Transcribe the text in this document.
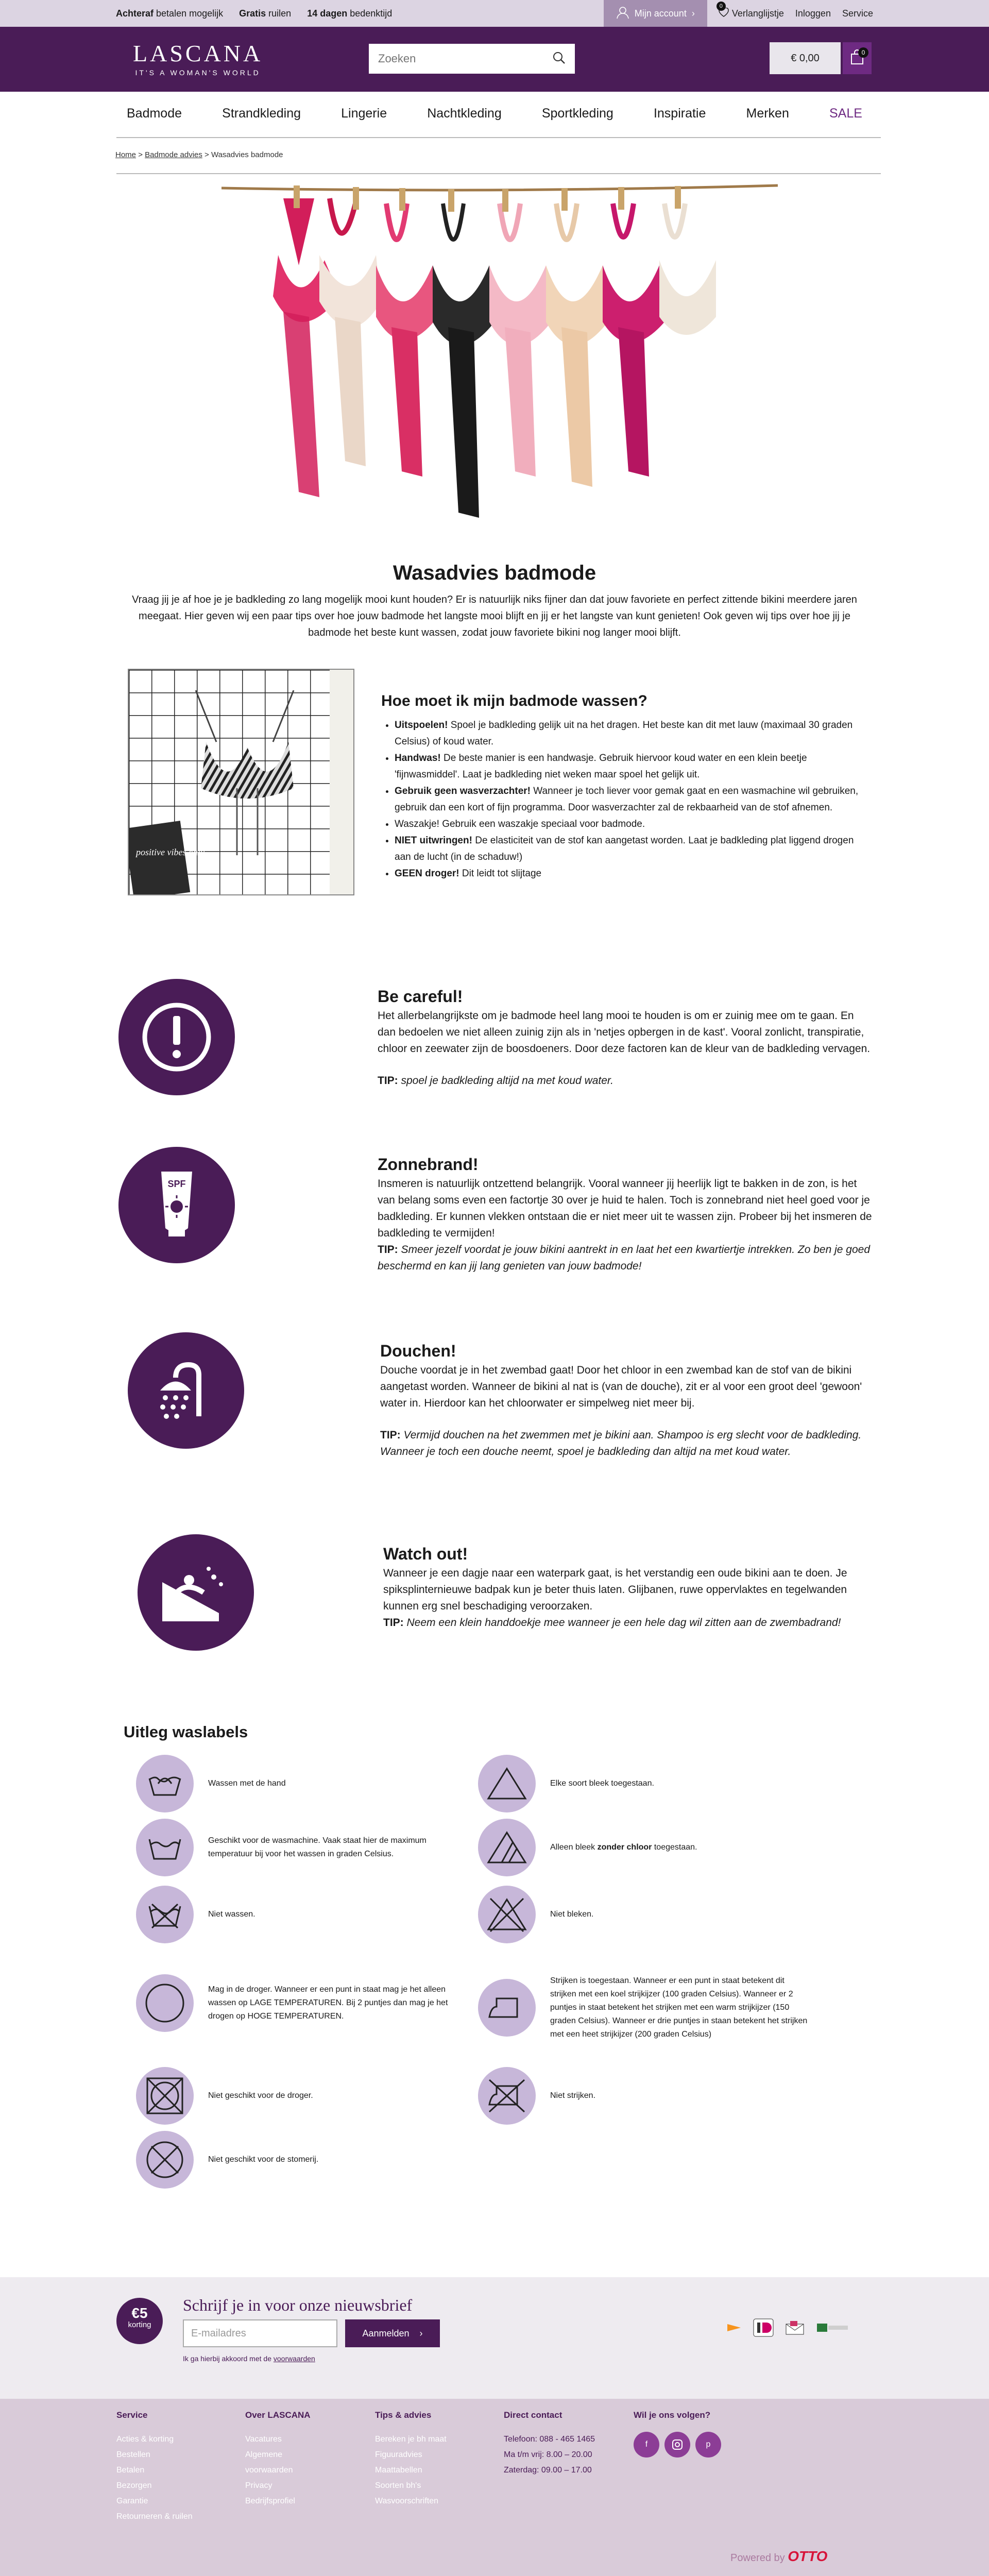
Achteraf betalen mogelijk Gratis ruilen 14 dagen bedenktijd	Mijn account ›
0
Verlanglijstje Inloggen Service
LASCANA
IT'S A WOMAN'S WORLD
Zoeken
€ 0,00	0
Badmode	Strandkleding	Lingerie	Nachtkleding	Sportkleding	Inspiratie	Merken	SALE
Home > Badmode advies > Wasadvies badmode
Wasadvies badmode

Vraag jij je af hoe je je badkleding zo lang mogelijk mooi kunt houden? Er is natuurlijk niks fijner dan dat jouw favoriete en perfect zittende bikini meerdere jaren meegaat. Hier geven wij een paar tips over hoe jouw badmode het langste mooi blijft en jij er het langste van kunt genieten! Ook geven wij tips over hoe jij je badmode het beste kunt wassen, zodat jouw favoriete bikini nog langer mooi blijft.

positive vibes only
Hoe moet ik mijn badmode wassen?
• Uitspoelen! Spoel je badkleding gelijk uit na het dragen. Het beste kan dit met lauw (maximaal 30 graden Celsius) of koud water.
• Handwas! De beste manier is een handwasje. Gebruik hiervoor koud water en een klein beetje 'fijnwasmiddel'. Laat je badkleding niet weken maar spoel het gelijk uit.
• Gebruik geen wasverzachter! Wanneer je toch liever voor gemak gaat en een wasmachine wil gebruiken, gebruik dan een kort of fijn programma. Door wasverzachter zal de rekbaarheid van de stof afnemen.
• Waszakje! Gebruik een waszakje speciaal voor badmode.
• NIET uitwringen! De elasticiteit van de stof kan aangetast worden. Laat je badkleding plat liggend drogen aan de lucht (in de schaduw!)
• GEEN droger! Dit leidt tot slijtage
Be careful!

Het allerbelangrijkste om je badmode heel lang mooi te houden is om er zuinig mee om te gaan. En dan bedoelen we niet alleen zuinig zijn als in 'netjes opbergen in de kast'. Vooral zonlicht, transpiratie, chloor en zeewater zijn de boosdoeners. Door deze factoren kan de kleur van de badkleding vervagen.

TIP: spoel je badkleding altijd na met koud water.

SPF
Zonnebrand!

Insmeren is natuurlijk ontzettend belangrijk. Vooral wanneer jij heerlijk ligt te bakken in de zon, is het van belang soms even een factortje 30 over je huid te halen. Toch is zonnebrand niet heel goed voor je badkleding. Er kunnen vlekken ontstaan die er niet meer uit te wassen zijn. Probeer bij het insmeren de badkleding te vermijden!

TIP: Smeer jezelf voordat je jouw bikini aantrekt in en laat het een kwartiertje intrekken. Zo ben je goed beschermd en kan jij lang genieten van jouw badmode!

Douchen!

Douche voordat je in het zwembad gaat! Door het chloor in een zwembad kan de stof van de bikini aangetast worden. Wanneer de bikini al nat is (van de douche), zit er al voor een groot deel 'gewoon' water in. Hierdoor kan het chloorwater er simpelweg niet meer bij.

TIP: Vermijd douchen na het zwemmen met je bikini aan. Shampoo is erg slecht voor de badkleding. Wanneer je toch een douche neemt, spoel je badkleding dan altijd na met koud water.

Watch out!

Wanneer je een dagje naar een waterpark gaat, is het verstandig een oude bikini aan te doen. Je spiksplinternieuwe badpak kun je beter thuis laten. Glijbanen, ruwe oppervlaktes en tegelwanden kunnen erg snel beschadiging veroorzaken.

TIP: Neem een klein handdoekje mee wanneer je een hele dag wil zitten aan de zwembadrand!

Uitleg waslabels
Wassen met de hand
Geschikt voor de wasmachine. Vaak staat hier de maximum temperatuur bij voor het wassen in graden Celsius.
Niet wassen.
Mag in de droger. Wanneer er een punt in staat mag je het alleen wassen op LAGE TEMPERATUREN. Bij 2 puntjes dan mag je het drogen op HOGE TEMPERATUREN.
Niet geschikt voor de droger.
Niet geschikt voor de stomerij.
Elke soort bleek toegestaan.
Alleen bleek zonder chloor toegestaan.
Niet bleken.
Strijken is toegestaan. Wanneer er een punt in staat betekent dit strijken met een koel strijkijzer (100 graden Celsius). Wanneer er 2 puntjes in staat betekent het strijken met een warm strijkijzer (150 graden Celsius). Wanneer er drie puntjes in staan betekent het strijken met een heet strijkijzer (200 graden Celsius)
Niet strijken.
€5
korting
Schrijf je in voor onze nieuwsbrief
E-mailadres	Aanmelden ›
Ik ga hierbij akkoord met de voorwaarden
Service
Acties & korting
Bestellen
Betalen
Bezorgen
Garantie
Retourneren & ruilen
Over LASCANA
Vacatures
Algemene
voorwaarden
Privacy
Bedrijfsprofiel
Tips & advies
Bereken je bh maat
Figuuradvies
Maattabellen
Soorten bh's
Wasvoorschriften
Direct contact
Telefoon: 088 - 465 1465
Ma t/m vrij: 8.00 – 20.00
Zaterdag: 09.00 – 17.00
Wil je ons volgen?
f	p
Powered by OTTO
